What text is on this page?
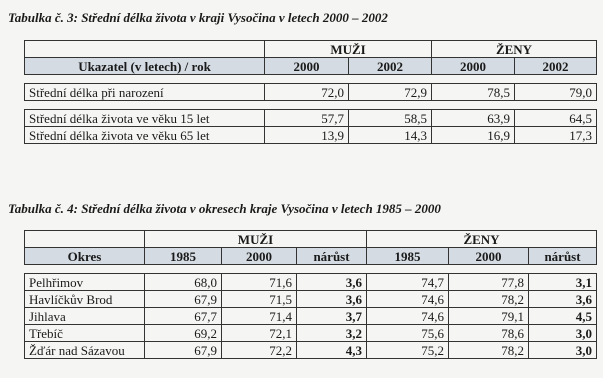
Tabulka č. 3: Střední délka života v kraji Vysočina v letech 2000 – 2002
	MUŽI		ŽENY	
Ukazatel (v letech) / rok	2000	2002	2000	2002

Střední délka při narození	72,0	72,9	78,5	79,0

Střední délka života ve věku 15 let	57,7	58,5	63,9	64,5
Střední délka života ve věku 65 let	13,9	14,3	16,9	17,3
Tabulka č. 4: Střední délka života v okresech kraje Vysočina v letech 1985 – 2000
	MUŽI			ŽENY		
Okres	1985	2000	nárůst	1985	2000	nárůst

Pelhřimov	68,0	71,6	3,6	74,7	77,8	3,1
Havlíčkův Brod	67,9	71,5	3,6	74,6	78,2	3,6
Jihlava	67,7	71,4	3,7	74,6	79,1	4,5
Třebíč	69,2	72,1	3,2	75,6	78,6	3,0
Žďár nad Sázavou	67,9	72,2	4,3	75,2	78,2	3,0
